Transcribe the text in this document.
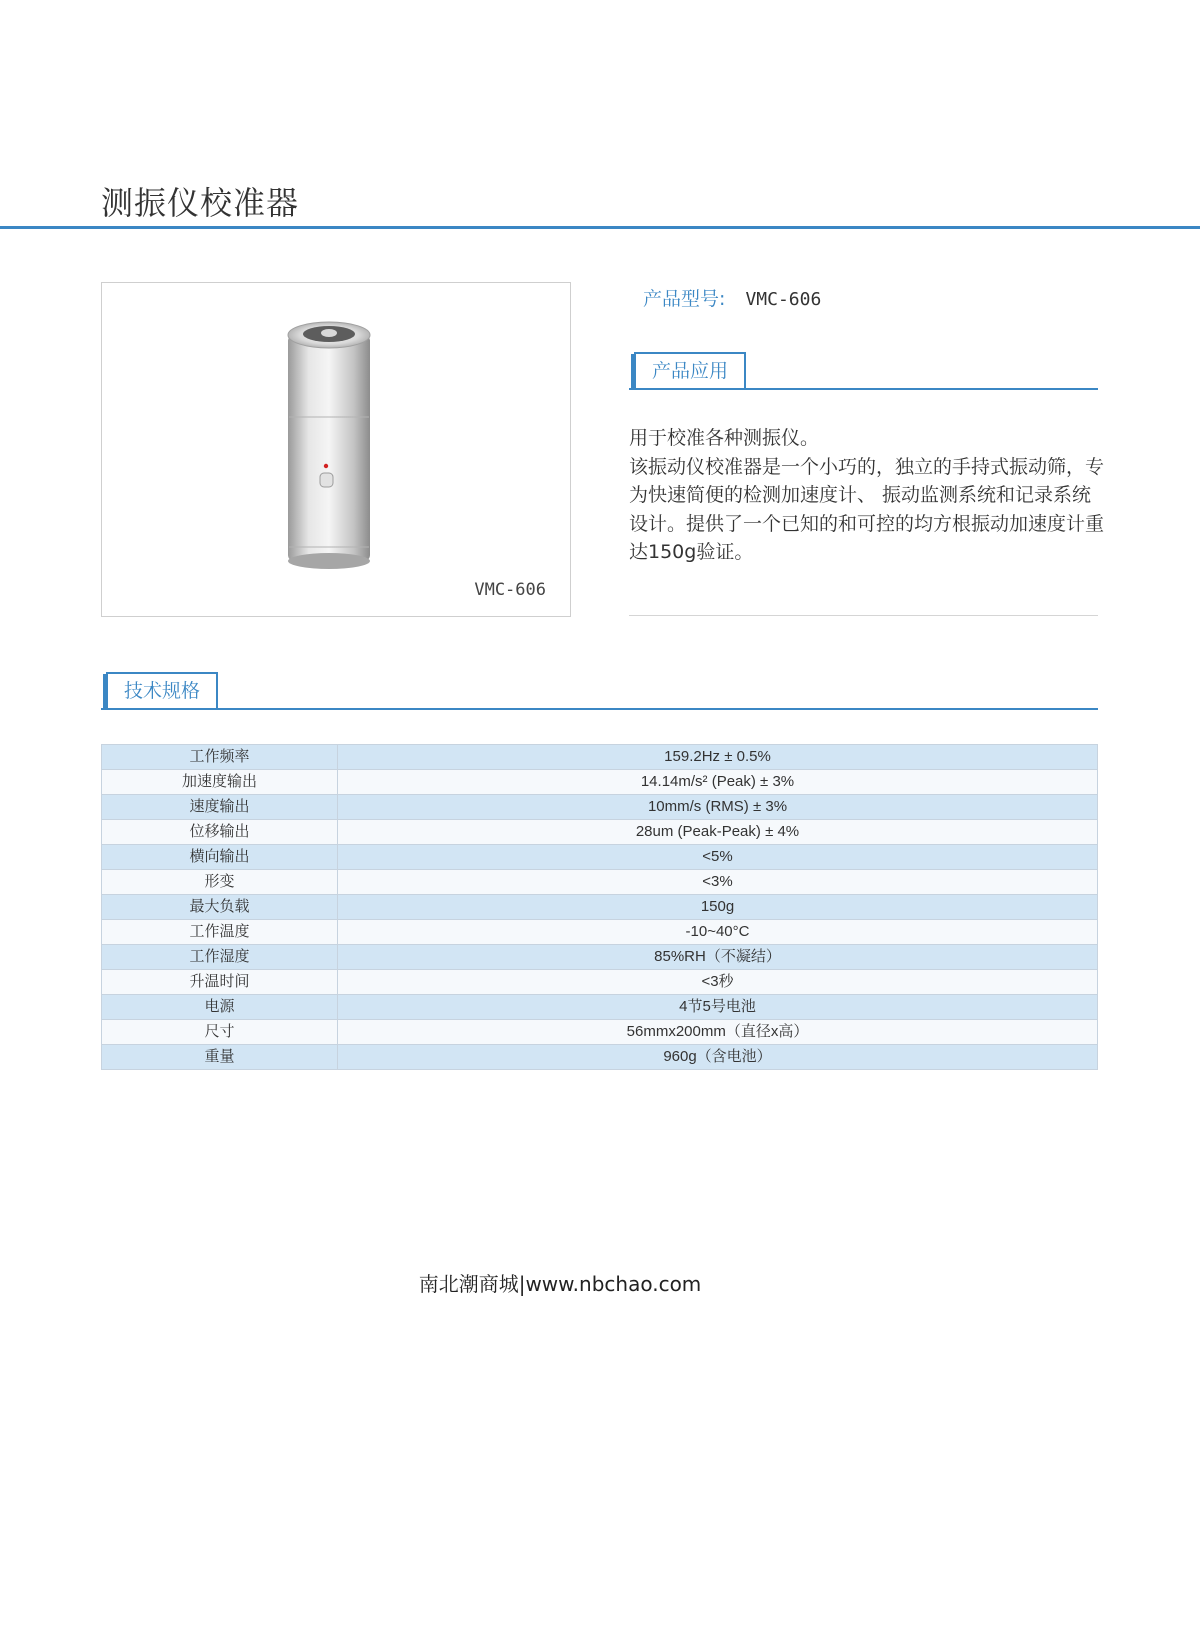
测振仪校准器
VMC-606
产品型号: VMC-606
产品应用

用于校准各种测振仪。

该振动仪校准器是一个小巧的，独立的手持式振动筛，专为快速简便的检测加速度计、 振动监测系统和记录系统设计。提供了一个已知的和可控的均方根振动加速度计重达150g验证。

技术规格
工作频率	159.2Hz ± 0.5%
加速度输出	14.14m/s² (Peak) ± 3%
速度输出	10mm/s (RMS) ± 3%
位移输出	28um (Peak-Peak) ± 4%
横向输出	<5%
形变	<3%
最大负载	150g
工作温度	-10~40°C
工作湿度	85%RH（不凝结）
升温时间	<3秒
电源	4节5号电池
尺寸	56mmx200mm（直径x高）
重量	960g（含电池）
南北潮商城|www.nbchao.com
